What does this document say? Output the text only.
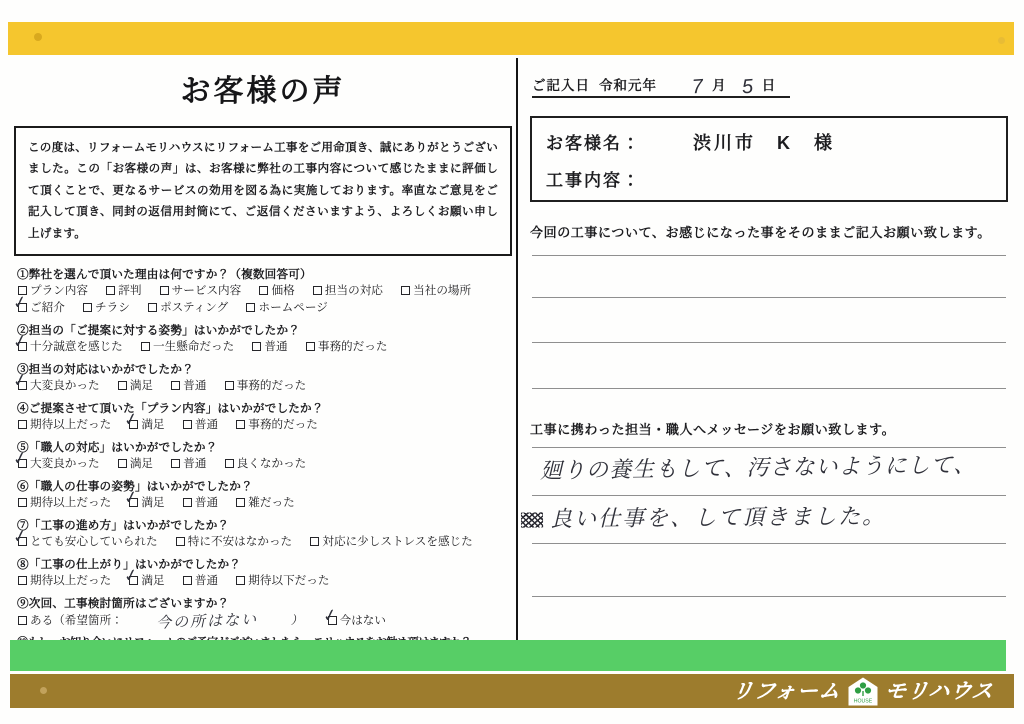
お客様の声
この度は、リフォームモリハウスにリフォーム工事をご用命頂き、誠にありがとうございました。この「お客様の声」は、お客様に弊社の工事内容について感じたままに評価して頂くことで、更なるサービスの効用を図る為に実施しております。率直なご意見をご記入して頂き、同封の返信用封筒にて、ご返信くださいますよう、よろしくお願い申し上げます。
①弊社を選んで頂いた理由は何ですか？（複数回答可）
プラン内容	評判	サービス内容	価格	担当の対応	当社の場所
✓ご紹介	チラシ	ポスティング	ホームページ
②担当の「ご提案に対する姿勢」はいかがでしたか？
✓十分誠意を感じた	一生懸命だった	普通	事務的だった
③担当の対応はいかがでしたか？
✓大変良かった	満足	普通	事務的だった
④ご提案させて頂いた「プラン内容」はいかがでしたか？
期待以上だった ✓	満足	普通	事務的だった
⑤「職人の対応」はいかがでしたか？
✓大変良かった	満足	普通	良くなかった
⑥「職人の仕事の姿勢」はいかがでしたか？
期待以上だった ✓	満足	普通	雑だった
⑦「工事の進め方」はいかがでしたか？
✓とても安心していられた	特に不安はなかった	対応に少しストレスを感じた
⑧「工事の仕上がり」はいかがでしたか？
期待以上だった ✓	満足	普通	期待以下だった
⑨次回、工事検討箇所はございますか？
ある（希望箇所： 今の所はない	） ✓	今はない
✓
ご記入日 令和元年 7 月 5 日
お客様名：	渋川市　K　様
工事内容：
今回の工事について、お感じになった事をそのままご記入お願い致します。
工事に携わった担当・職人へメッセージをお願い致します。
廻りの養生もして、汚さないようにして、
良い仕事を、して頂きました。
リフォーム HOUSE モリハウス
